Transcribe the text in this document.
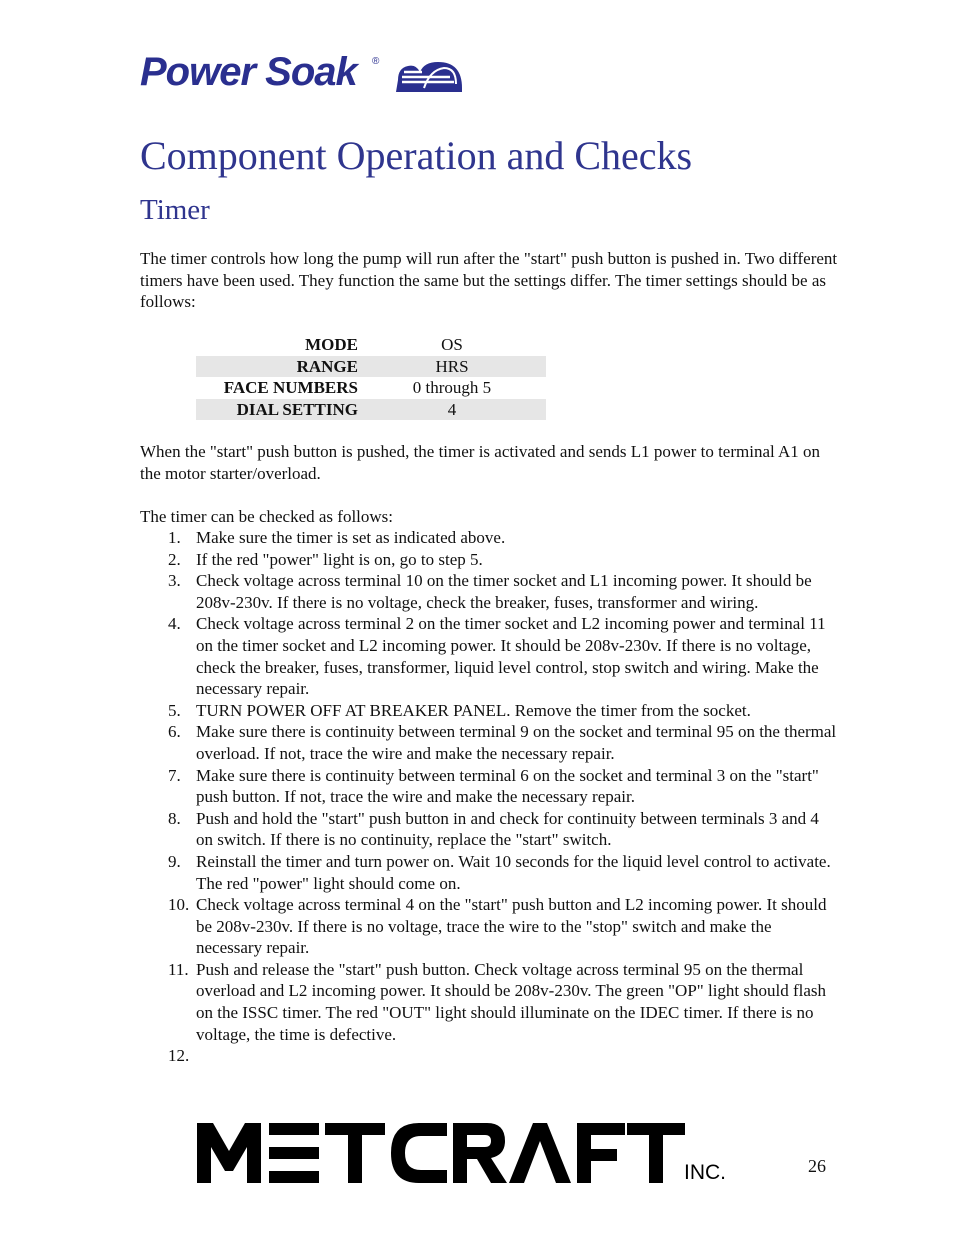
Power Soak ®
Component Operation and Checks
Timer

The timer controls how long the pump will run after the "start" push button is pushed in. Two different timers have been used. They function the same but the settings differ. The timer settings should be as follows:

MODE	OS
RANGE	HRS
FACE NUMBERS	0 through 5
DIAL SETTING	4

When the "start" push button is pushed, the timer is activated and sends L1 power to terminal A1 on the motor starter/overload.

The timer can be checked as follows:

1. Make sure the timer is set as indicated above.
2. If the red "power" light is on, go to step 5.
3. Check voltage across terminal 10 on the timer socket and L1 incoming power. It should be 208v-230v. If there is no voltage, check the breaker, fuses, transformer and wiring.
4. Check voltage across terminal 2 on the timer socket and L2 incoming power and terminal 11 on the timer socket and L2 incoming power. It should be 208v-230v. If there is no voltage, check the breaker, fuses, transformer, liquid level control, stop switch and wiring. Make the necessary repair.
5. TURN POWER OFF AT BREAKER PANEL. Remove the timer from the socket.
6. Make sure there is continuity between terminal 9 on the socket and terminal 95 on the thermal overload. If not, trace the wire and make the necessary repair.
7. Make sure there is continuity between terminal 6 on the socket and terminal 3 on the "start" push button. If not, trace the wire and make the necessary repair.
8. Push and hold the "start" push button in and check for continuity between terminals 3 and 4 on switch. If there is no continuity, replace the "start" switch.
9. Reinstall the timer and turn power on. Wait 10 seconds for the liquid level control to activate. The red "power" light should come on.
10. Check voltage across terminal 4 on the "start" push button and L2 incoming power. It should be 208v-230v. If there is no voltage, trace the wire to the "stop" switch and make the necessary repair.
11. Push and release the "start" push button. Check voltage across terminal 95 on the thermal overload and L2 incoming power. It should be 208v-230v. The green "OP" light should flash on the ISSC timer. The red "OUT" light should illuminate on the IDEC timer. If there is no voltage, the time is defective.
12.
INC.	26
